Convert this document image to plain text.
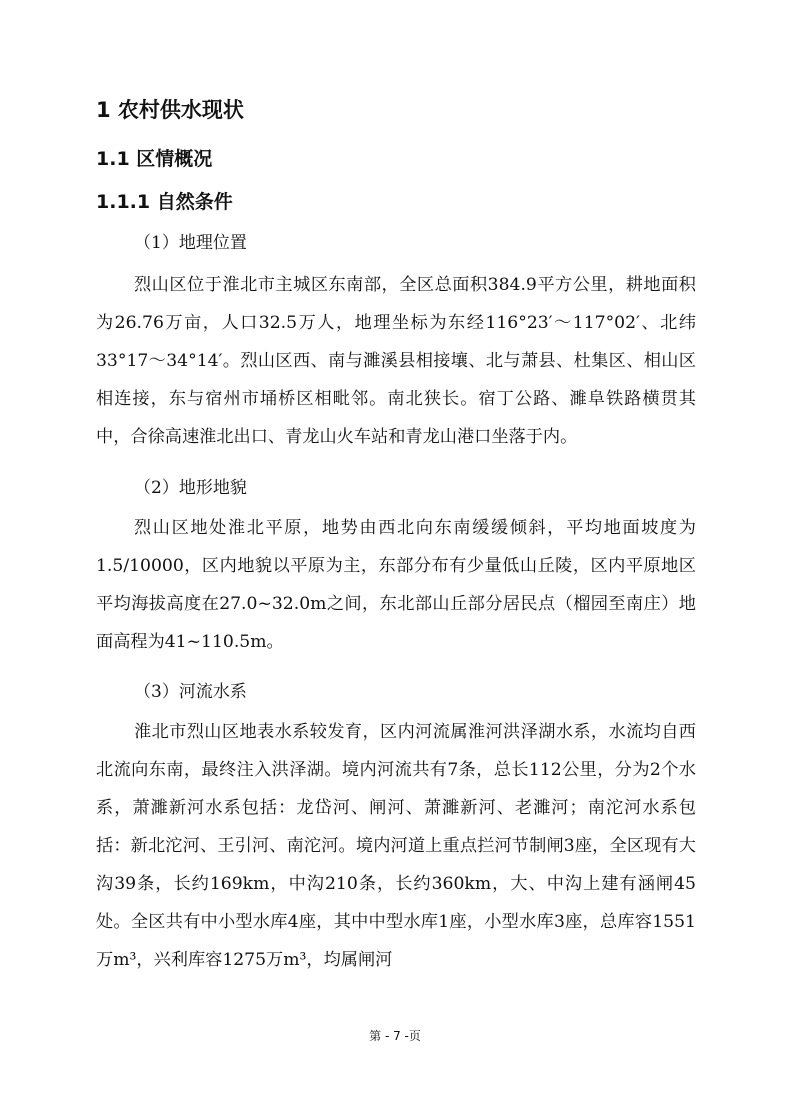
1 农村供水现状
1.1 区情概况
1.1.1 自然条件
（1）地理位置

烈山区位于淮北市主城区东南部，全区总面积384.9平方公里，耕地面积为26.76万亩，人口32.5万人，地理坐标为东经116°23′～117°02′、北纬33°17～34°14′。烈山区西、南与濉溪县相接壤、北与萧县、杜集区、相山区相连接，东与宿州市埇桥区相毗邻。南北狭长。宿丁公路、濉阜铁路横贯其中，合徐高速淮北出口、青龙山火车站和青龙山港口坐落于内。

（2）地形地貌

烈山区地处淮北平原，地势由西北向东南缓缓倾斜，平均地面坡度为1.5/10000，区内地貌以平原为主，东部分布有少量低山丘陵，区内平原地区平均海拔高度在27.0~32.0m之间，东北部山丘部分居民点（榴园至南庄）地面高程为41~110.5m。

（3）河流水系

淮北市烈山区地表水系较发育，区内河流属淮河洪泽湖水系，水流均自西北流向东南，最终注入洪泽湖。境内河流共有7条，总长112公里，分为2个水系，萧濉新河水系包括：龙岱河、闸河、萧濉新河、老濉河；南沱河水系包括：新北沱河、王引河、南沱河。境内河道上重点拦河节制闸3座，全区现有大沟39条，长约169km，中沟210条，长约360km，大、中沟上建有涵闸45处。全区共有中小型水库4座，其中中型水库1座，小型水库3座，总库容1551万m³，兴利库容1275万m³，均属闸河

第 - 7 -页
